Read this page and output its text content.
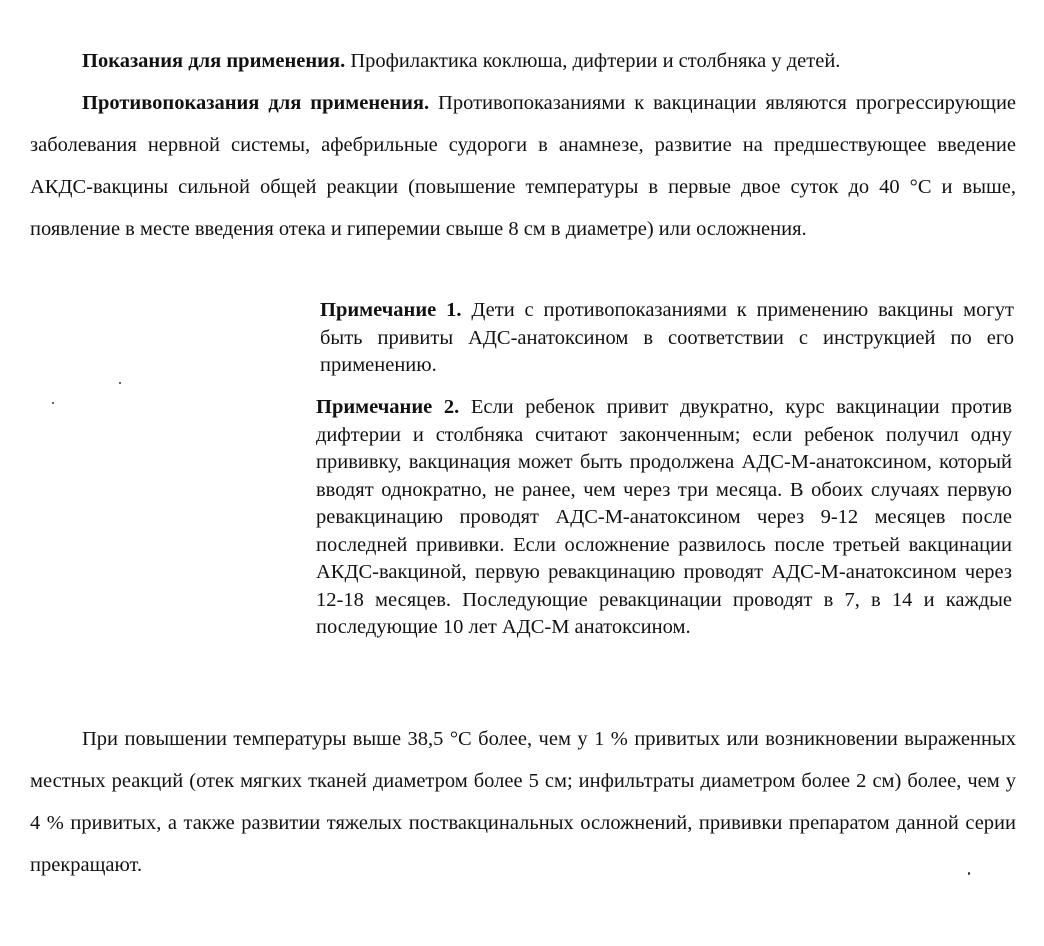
Показания для применения. Профилактика коклюша, дифтерии и столбняка у детей.

Противопоказания для применения. Противопоказаниями к вакцинации являются прогрессирующие заболевания нервной системы, афебрильные судороги в анамнезе, развитие на предшествующее введение АКДС-вакцины сильной общей реакции (повышение температуры в первые двое суток до 40 °С и выше, появление в месте введения отека и гиперемии свыше 8 см в диаметре) или осложнения.

Примечание 1. Дети с противопоказаниями к применению вакцины могут быть привиты АДС-анатоксином в соответствии с инструкцией по его применению.

Примечание 2. Если ребенок привит двукратно, курс вакцинации против дифтерии и столбняка считают законченным; если ребенок получил одну прививку, вакцинация может быть продолжена АДС-М-анатоксином, который вводят однократно, не ранее, чем через три месяца. В обоих случаях первую ревакцинацию проводят АДС-М-анатоксином через 9-12 месяцев после последней прививки. Если осложнение развилось после третьей вакцинации АКДС-вакциной, первую ревакцинацию проводят АДС-М-анатоксином через 12-18 месяцев. Последующие ревакцинации проводят в 7, в 14 и каждые последующие 10 лет АДС-М анатоксином.

При повышении температуры выше 38,5 °С более, чем у 1 % привитых или возникновении выраженных местных реакций (отек мягких тканей диаметром более 5 см; инфильтраты диаметром более 2 см) более, чем у 4 % привитых, а также развитии тяжелых поствакцинальных осложнений, прививки препаратом данной серии прекращают.
